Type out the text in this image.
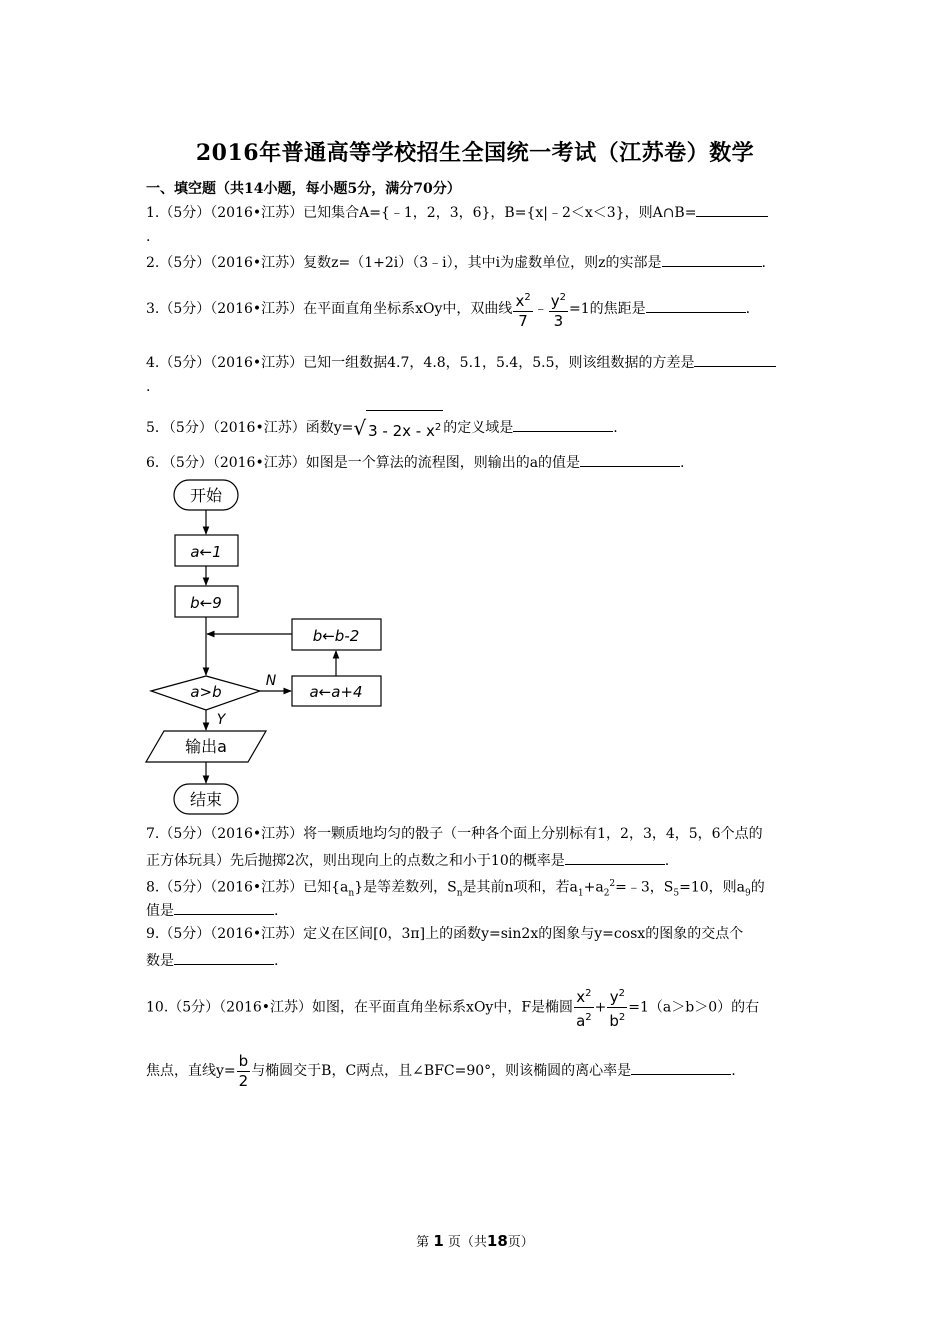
2016年普通高等学校招生全国统一考试（江苏卷）数学
一、填空题（共14小题，每小题5分，满分70分）
1.（5分）（2016•江苏）已知集合A={﹣1，2，3，6}，B={x|﹣2＜x＜3}，则A∩B=
.
2.（5分）（2016•江苏）复数z=（1+2i）（3﹣i），其中i为虚数单位，则z的实部是	.
3.（5分）（2016•江苏）在平面直角坐标系xOy中，双曲线 $\frac{x^2}{7}$ ﹣ $\frac{y^2}{3} =1$的焦距是	.
4.（5分）（2016•江苏）已知一组数据4.7，4.8，5.1，5.4，5.5，则该组数据的方差是
.
5．（5分）（2016•江苏）函数y=√ $3 - 2x - x^2$ 的定义域是	.
6．（5分）（2016•江苏）如图是一个算法的流程图，则输出的a的值是	.
开始
a←1
b←9
b←b-2
a>b
N
a←a+4
Y
输出a
结束
7.（5分）（2016•江苏）将一颗质地均匀的骰子（一种各个面上分别标有1，2，3，4，5，6个点的
正方体玩具）先后抛掷2次，则出现向上的点数之和小于10的概率是	.
8.（5分）（2016•江苏）已知$\{a_n\}$是等差数列，$S_n$是其前n项和，若$a_1+a_2^2=﹣3$，$S_5=10$，则$a_9$的
值是	.
9.（5分）（2016•江苏）定义在区间[0，3π]上的函数y=sin2x的图象与y=cosx的图象的交点个
数是	.
10.（5分）（2016•江苏）如图，在平面直角坐标系xOy中，F是椭圆 $\frac{x^2}{a^2} + \frac{y^2}{b^2} =1(a>b>0)$的右
焦点，直线$y= \frac{b}{2}$ 与椭圆交于B，C两点，且∠BFC=90°，则该椭圆的离心率是	.
第 1 页（共18页）
